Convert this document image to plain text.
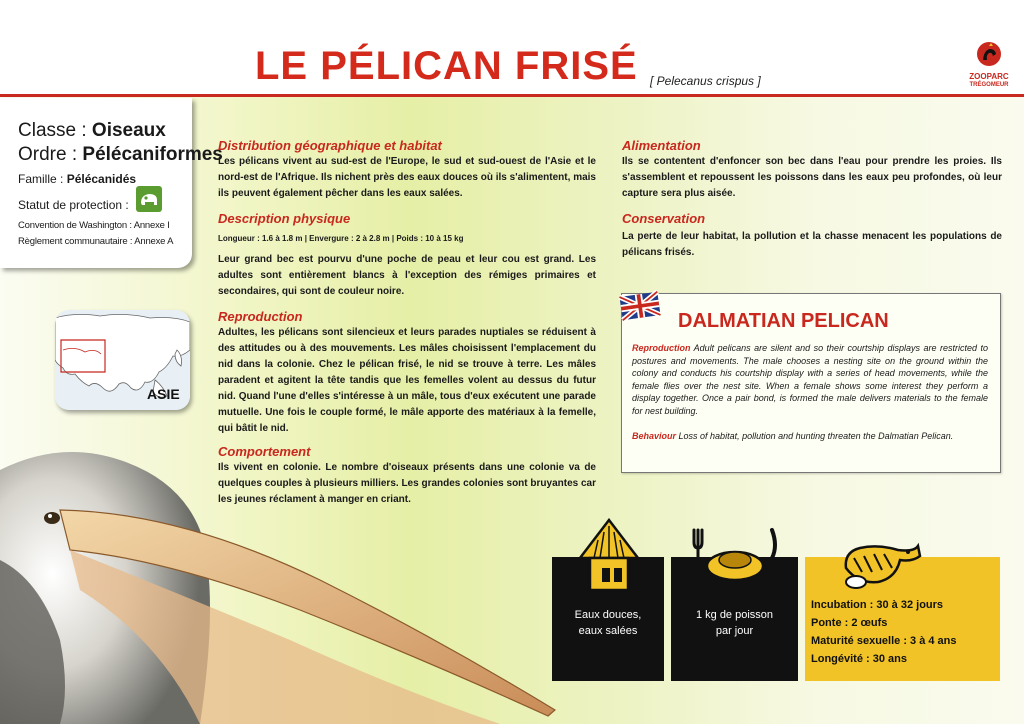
LE PÉLICAN FRISÉ [ Pelecanus crispus ]	ZOOPARC
TRÉGOMEUR
Classe : Oiseaux
Ordre : Pélécaniformes
Famille : Pélécanidés
Statut de protection :
Convention de Washington : Annexe I
Règlement communautaire : Annexe A
ASIE
Distribution géographique et habitat
Les pélicans vivent au sud-est de l'Europe, le sud et sud-ouest de l'Asie et le nord-est de l'Afrique. Ils nichent près des eaux douces où ils s'alimentent, mais ils peuvent également pêcher dans les eaux salées.
Description physique
Longueur : 1.6 à 1.8 m | Envergure : 2 à 2.8 m | Poids : 10 à 15 kg
Leur grand bec est pourvu d'une poche de peau et leur cou est grand. Les adultes sont entièrement blancs à l'exception des rémiges primaires et secondaires, qui sont de couleur noire.
Reproduction
Adultes, les pélicans sont silencieux et leurs parades nuptiales se réduisent à des attitudes ou à des mouvements. Les mâles choisissent l'emplacement du nid dans la colonie. Chez le pélican frisé, le nid se trouve à terre. Les mâles paradent et agitent la tête tandis que les femelles volent au dessus du futur nid. Quand l'une d'elles s'intéresse à un mâle, tous d'eux exécutent une parade mutuelle. Une fois le couple formé, le mâle apporte des matériaux à la femelle, qui bâtit le nid.
Comportement
Ils vivent en colonie. Le nombre d'oiseaux présents dans une colonie va de quelques couples à plusieurs milliers. Les grandes colonies sont bruyantes car les jeunes réclament à manger en criant.
Alimentation
Ils se contentent d'enfoncer son bec dans l'eau pour prendre les proies. Ils s'assemblent et repoussent les poissons dans les eaux peu profondes, où leur capture sera plus aisée.
Conservation
La perte de leur habitat, la pollution et la chasse menacent les populations de pélicans frisés.
DALMATIAN PELICAN
Reproduction Adult pelicans are silent and so their courtship displays are restricted to postures and movements. The male chooses a nesting site on the ground within the colony and conducts his courtship display with a series of head movements, while the female flies over the nest site. When a female shows some interest they perform a display together. Once a pair bond, is formed the male delivers materials to the female for nest building.
Behaviour Loss of habitat, pollution and hunting threaten the Dalmatian Pelican.
Eaux douces,
eaux salées
1 kg de poisson
par jour
Incubation : 30 à 32 jours
Ponte : 2 œufs
Maturité sexuelle : 3 à 4 ans
Longévité : 30 ans
